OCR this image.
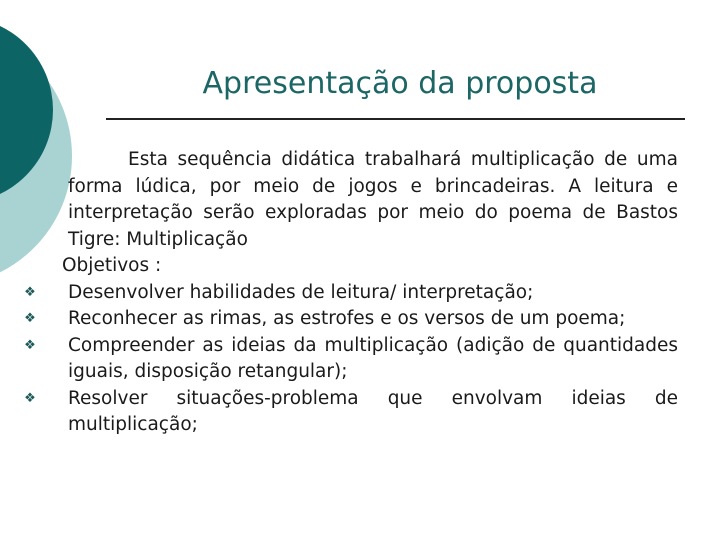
Apresentação da proposta

Esta sequência didática trabalhará multiplicação de uma forma lúdica, por meio de jogos e brincadeiras. A leitura e interpretação serão exploradas por meio do poema de Bastos Tigre: Multiplicação

Objetivos :
❖ Desenvolver habilidades de leitura/ interpretação;
❖ Reconhecer as rimas, as estrofes e os versos de um poema;
❖ Compreender as ideias da multiplicação (adição de quantidades iguais, disposição retangular);
❖ Resolver situações-problema que envolvam ideias de multiplicação;
